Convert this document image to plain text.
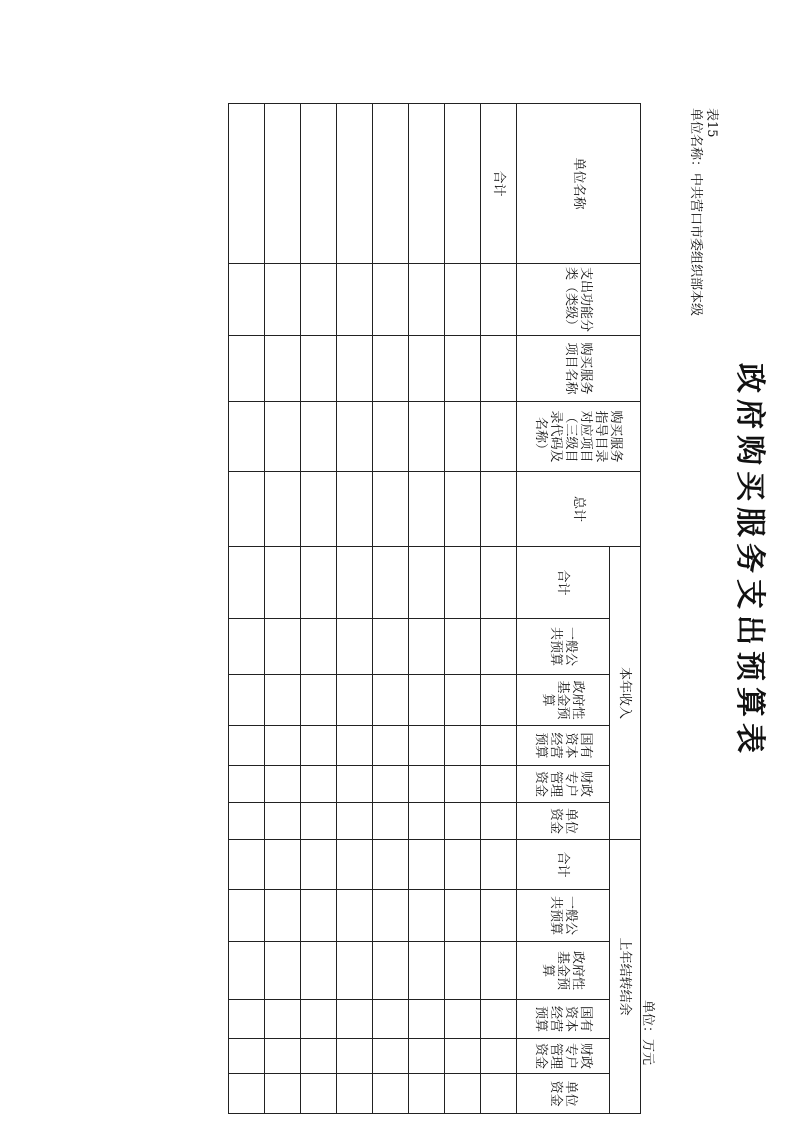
政府购买服务支出预算表
表15
单位名称：中共营口市委组织部本级
单位：万元
单位名称	支出功能分类（类级）	购买服务项目名称	购买服务指导目录对应项目（三级目录代码及名称）	总计	本年收入						上年结转结余					
					合计	一般公共预算	政府性基金预算	国有资本经营预算	财政专户管理资金	单位资金	合计	一般公共预算	政府性基金预算	国有资本经营预算	财政专户管理资金	单位资金
合计																
